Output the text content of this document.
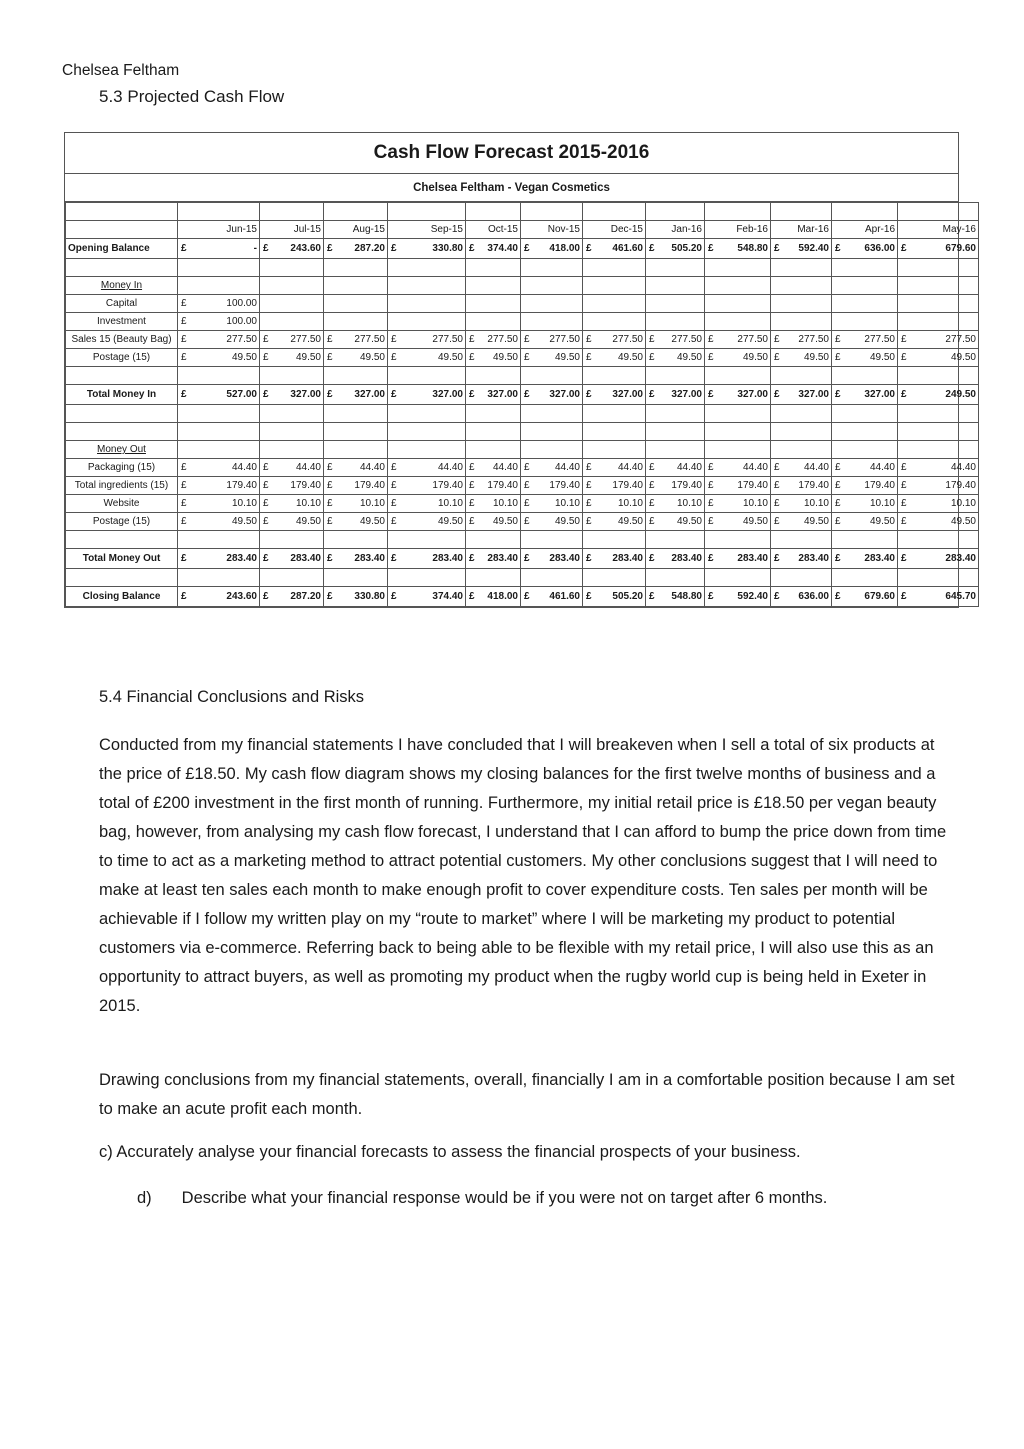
Chelsea Feltham
5.3 Projected Cash Flow
Cash Flow Forecast 2015-2016
Chelsea Feltham - Vegan Cosmetics

	Jun-15	Jul-15	Aug-15	Sep-15	Oct-15	Nov-15	Dec-15	Jan-16	Feb-16	Mar-16	Apr-16	May-16
Opening Balance	£ -	£ 243.60	£ 287.20	£ 330.80	£ 374.40	£ 418.00	£ 461.60	£ 505.20	£ 548.80	£ 592.40	£ 636.00	£ 679.60

Money In												
Capital	£ 100.00											

Investment	£ 100.00											

Sales 15 (Beauty Bag)	£ 277.50	£ 277.50	£ 277.50	£ 277.50	£ 277.50	£ 277.50	£ 277.50	£ 277.50	£ 277.50	£ 277.50	£ 277.50	£ 277.50

Postage (15)	£ 49.50	£ 49.50	£ 49.50	£ 49.50	£ 49.50	£ 49.50	£ 49.50	£ 49.50	£ 49.50	£ 49.50	£ 49.50	£ 49.50

Total Money In	£ 527.00	£ 327.00	£ 327.00	£ 327.00	£ 327.00	£ 327.00	£ 327.00	£ 327.00	£ 327.00	£ 327.00	£ 327.00	£ 249.50

Money Out												
Packaging (15)	£ 44.40	£ 44.40	£ 44.40	£ 44.40	£ 44.40	£ 44.40	£ 44.40	£ 44.40	£ 44.40	£ 44.40	£ 44.40	£ 44.40

Total ingredients (15)	£ 179.40	£ 179.40	£ 179.40	£ 179.40	£ 179.40	£ 179.40	£ 179.40	£ 179.40	£ 179.40	£ 179.40	£ 179.40	£ 179.40

Website	£ 10.10	£ 10.10	£ 10.10	£ 10.10	£ 10.10	£ 10.10	£ 10.10	£ 10.10	£ 10.10	£ 10.10	£ 10.10	£ 10.10

Postage (15)	£ 49.50	£ 49.50	£ 49.50	£ 49.50	£ 49.50	£ 49.50	£ 49.50	£ 49.50	£ 49.50	£ 49.50	£ 49.50	£ 49.50

Total Money Out	£ 283.40	£ 283.40	£ 283.40	£ 283.40	£ 283.40	£ 283.40	£ 283.40	£ 283.40	£ 283.40	£ 283.40	£ 283.40	£ 283.40

Closing Balance	£ 243.60	£ 287.20	£ 330.80	£ 374.40	£ 418.00	£ 461.60	£ 505.20	£ 548.80	£ 592.40	£ 636.00	£ 679.60	£ 645.70
5.4 Financial Conclusions and Risks

Conducted from my financial statements I have concluded that I will breakeven when I sell a total of six products at the price of £18.50. My cash flow diagram shows my closing balances for the first twelve months of business and a total of £200 investment in the first month of running. Furthermore, my initial retail price is £18.50 per vegan beauty bag, however, from analysing my cash flow forecast, I understand that I can afford to bump the price down from time to time to act as a marketing method to attract potential customers. My other conclusions suggest that I will need to make at least ten sales each month to make enough profit to cover expenditure costs. Ten sales per month will be achievable if I follow my written play on my “route to market” where I will be marketing my product to potential customers via e-commerce. Referring back to being able to be flexible with my retail price, I will also use this as an opportunity to attract buyers, as well as promoting my product when the rugby world cup is being held in Exeter in 2015.

Drawing conclusions from my financial statements, overall, financially I am in a comfortable position because I am set to make an acute profit each month.

c) Accurately analyse your financial forecasts to assess the financial prospects of your business.
d) Describe what your financial response would be if you were not on target after 6 months.
